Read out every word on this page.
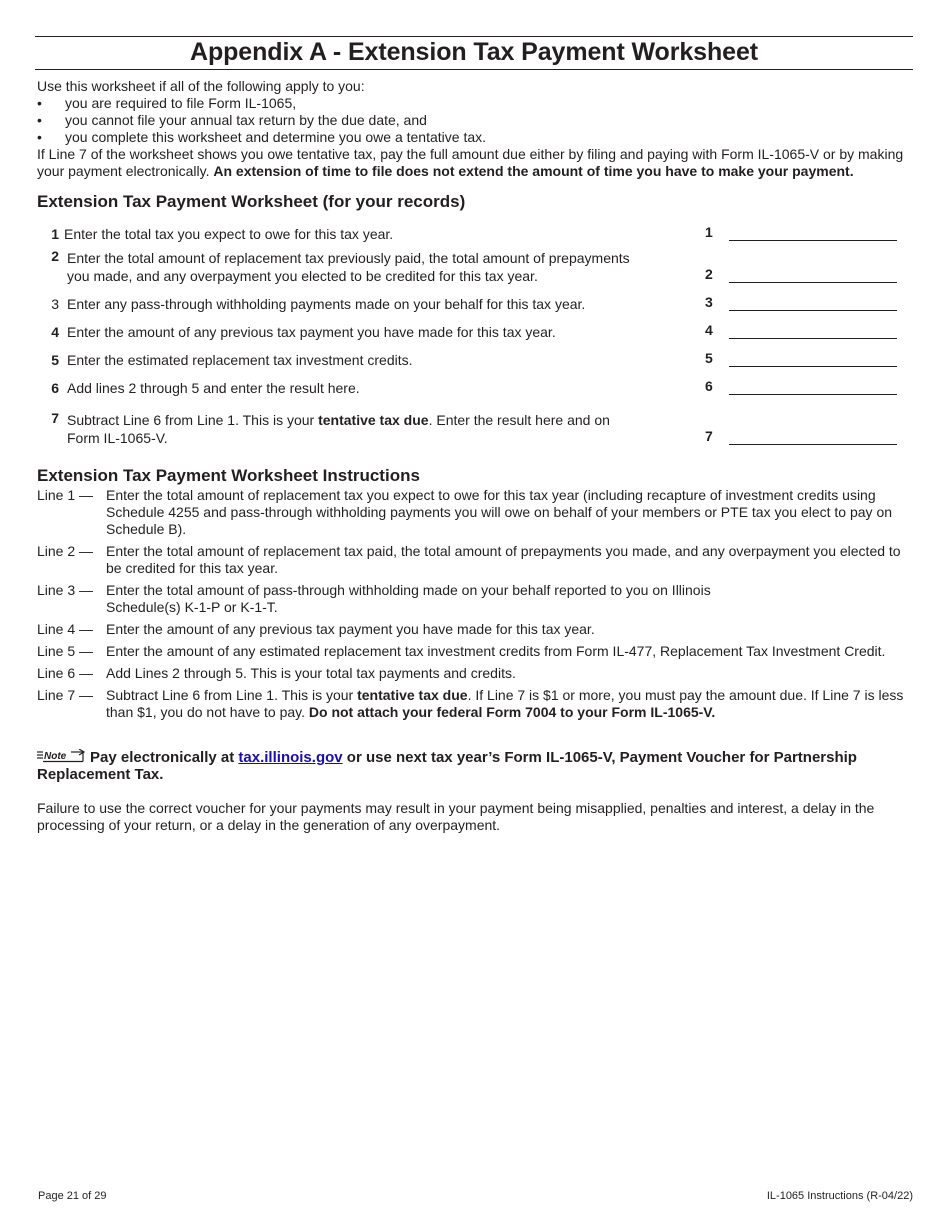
Appendix A - Extension Tax Payment Worksheet
Use this worksheet if all of the following apply to you:
• you are required to file Form IL-1065,
• you cannot file your annual tax return by the due date, and
• you complete this worksheet and determine you owe a tentative tax.
If Line 7 of the worksheet shows you owe tentative tax, pay the full amount due either by filing and paying with Form IL-1065-V or by making your payment electronically. An extension of time to file does not extend the amount of time you have to make your payment.
Extension Tax Payment Worksheet (for your records)
1 Enter the total tax you expect to owe for this tax year.	1
2 Enter the total amount of replacement tax previously paid, the total amount of prepayments you made, and any overpayment you elected to be credited for this tax year.	2
3 Enter any pass-through withholding payments made on your behalf for this tax year.	3
4 Enter the amount of any previous tax payment you have made for this tax year.	4
5 Enter the estimated replacement tax investment credits.	5
6 Add lines 2 through 5 and enter the result here.	6
7 Subtract Line 6 from Line 1. This is your tentative tax due. Enter the result here and on Form IL-1065-V.	7
Extension Tax Payment Worksheet Instructions
Line 1 — Enter the total amount of replacement tax you expect to owe for this tax year (including recapture of investment credits using Schedule 4255 and pass-through withholding payments you will owe on behalf of your members or PTE tax you elect to pay on Schedule B).
Line 2 — Enter the total amount of replacement tax paid, the total amount of prepayments you made, and any overpayment you elected to be credited for this tax year.
Line 3 — Enter the total amount of pass-through withholding made on your behalf reported to you on Illinois
Schedule(s) K-1-P or K-1-T.
Line 4 — Enter the amount of any previous tax payment you have made for this tax year.
Line 5 — Enter the amount of any estimated replacement tax investment credits from Form IL-477, Replacement Tax Investment Credit.
Line 6 — Add Lines 2 through 5. This is your total tax payments and credits.
Line 7 — Subtract Line 6 from Line 1. This is your tentative tax due. If Line 7 is $1 or more, you must pay the amount due. If Line 7 is less than $1, you do not have to pay. Do not attach your federal Form 7004 to your Form IL-1065-V.
Note Pay electronically at tax.illinois.gov or use next tax year’s Form IL-1065-V, Payment Voucher for Partnership Replacement Tax.
Failure to use the correct voucher for your payments may result in your payment being misapplied, penalties and interest, a delay in the processing of your return, or a delay in the generation of any overpayment.
Page 21 of 29	IL-1065 Instructions (R-04/22)
